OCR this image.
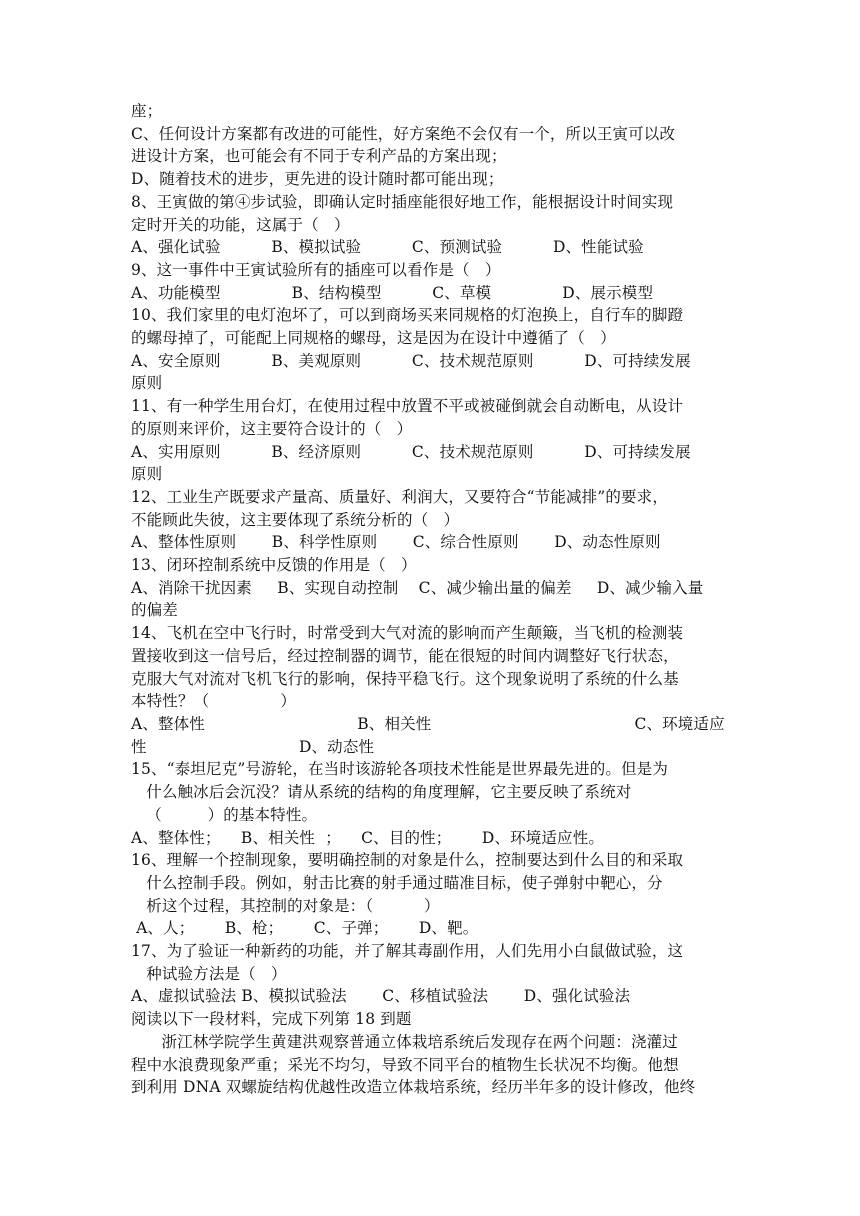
座；
C、任何设计方案都有改进的可能性，好方案绝不会仅有一个，所以王寅可以改
进设计方案，也可能会有不同于专利产品的方案出现；
D、随着技术的进步，更先进的设计随时都可能出现；
8、王寅做的第④步试验，即确认定时插座能很好地工作，能根据设计时间实现
定时开关的功能，这属于（   ）
A、强化试验          B、模拟试验          C、预测试验          D、性能试验
9、这一事件中王寅试验所有的插座可以看作是（   ）
A、功能模型              B、结构模型          C、草模              D、展示模型
10、我们家里的电灯泡坏了，可以到商场买来同规格的灯泡换上，自行车的脚蹬
的螺母掉了，可能配上同规格的螺母，这是因为在设计中遵循了（   ）
A、安全原则          B、美观原则          C、技术规范原则          D、可持续发展
原则
11、有一种学生用台灯，在使用过程中放置不平或被碰倒就会自动断电，从设计
的原则来评价，这主要符合设计的（   ）
A、实用原则          B、经济原则          C、技术规范原则          D、可持续发展
原则
12、工业生产既要求产量高、质量好、利润大，又要符合“节能减排”的要求，
不能顾此失彼，这主要体现了系统分析的（   ）
A、整体性原则       B、科学性原则       C、综合性原则       D、动态性原则
13、闭环控制系统中反馈的作用是（   ）
A、消除干扰因素     B、实现自动控制    C、减少输出量的偏差     D、减少输入量
的偏差
14、飞机在空中飞行时，时常受到大气对流的影响而产生颠簸，当飞机的检测装
置接收到这一信号后，经过控制器的调节，能在很短的时间内调整好飞行状态，
克服大气对流对飞机飞行的影响，保持平稳飞行。这个现象说明了系统的什么基
本特性？（              ）
A、整体性                              B、相关性                                        C、环境适应
性                              D、动态性
15、“泰坦尼克”号游轮，在当时该游轮各项技术性能是世界最先进的。但是为
什么触冰后会沉没？请从系统的结构的角度理解，它主要反映了系统对
（         ）的基本特性。
A、整体性；    B、相关性  ；    C、目的性；      D、环境适应性。
16、理解一个控制现象，要明确控制的对象是什么，控制要达到什么目的和采取
什么控制手段。例如，射击比赛的射手通过瞄准目标，使子弹射中靶心，分
析这个过程，其控制的对象是：（          ）
A、人；      B、枪；      C、子弹；      D、靶。
17、为了验证一种新药的功能，并了解其毒副作用，人们先用小白鼠做试验，这
种试验方法是（   ）
A、虚拟试验法 B、模拟试验法       C、移植试验法       D、强化试验法
阅读以下一段材料，完成下列第 18 到题
浙江林学院学生黄建洪观察普通立体栽培系统后发现存在两个问题：浇灌过
程中水浪费现象严重；采光不均匀，导致不同平台的植物生长状况不均衡。他想
到利用 DNA 双螺旋结构优越性改造立体栽培系统，经历半年多的设计修改，他终
